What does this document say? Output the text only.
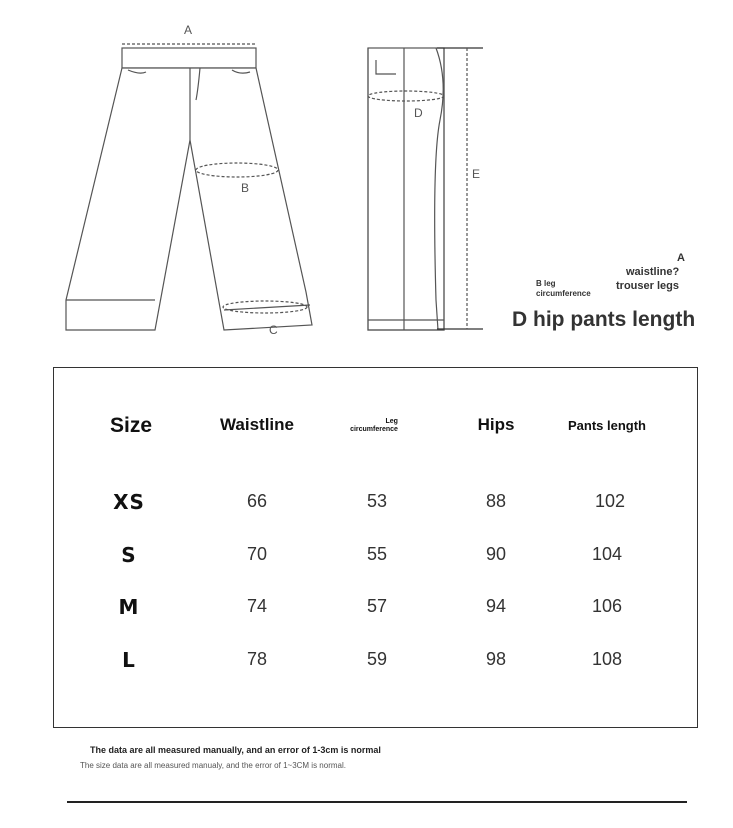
A
B
C
D
E
A
waistline?
trouser legs
B leg
circumference
D hip pants length
Size	Waistline	Leg
circumference	Hips	Pants length
XS	66	53	88	102
S	70	55	90	104
M	74	57	94	106
L	78	59	98	108
The data are all measured manually, and an error of 1-3cm is normal
The size data are all measured manualy, and the error of 1~3CM is normal.
